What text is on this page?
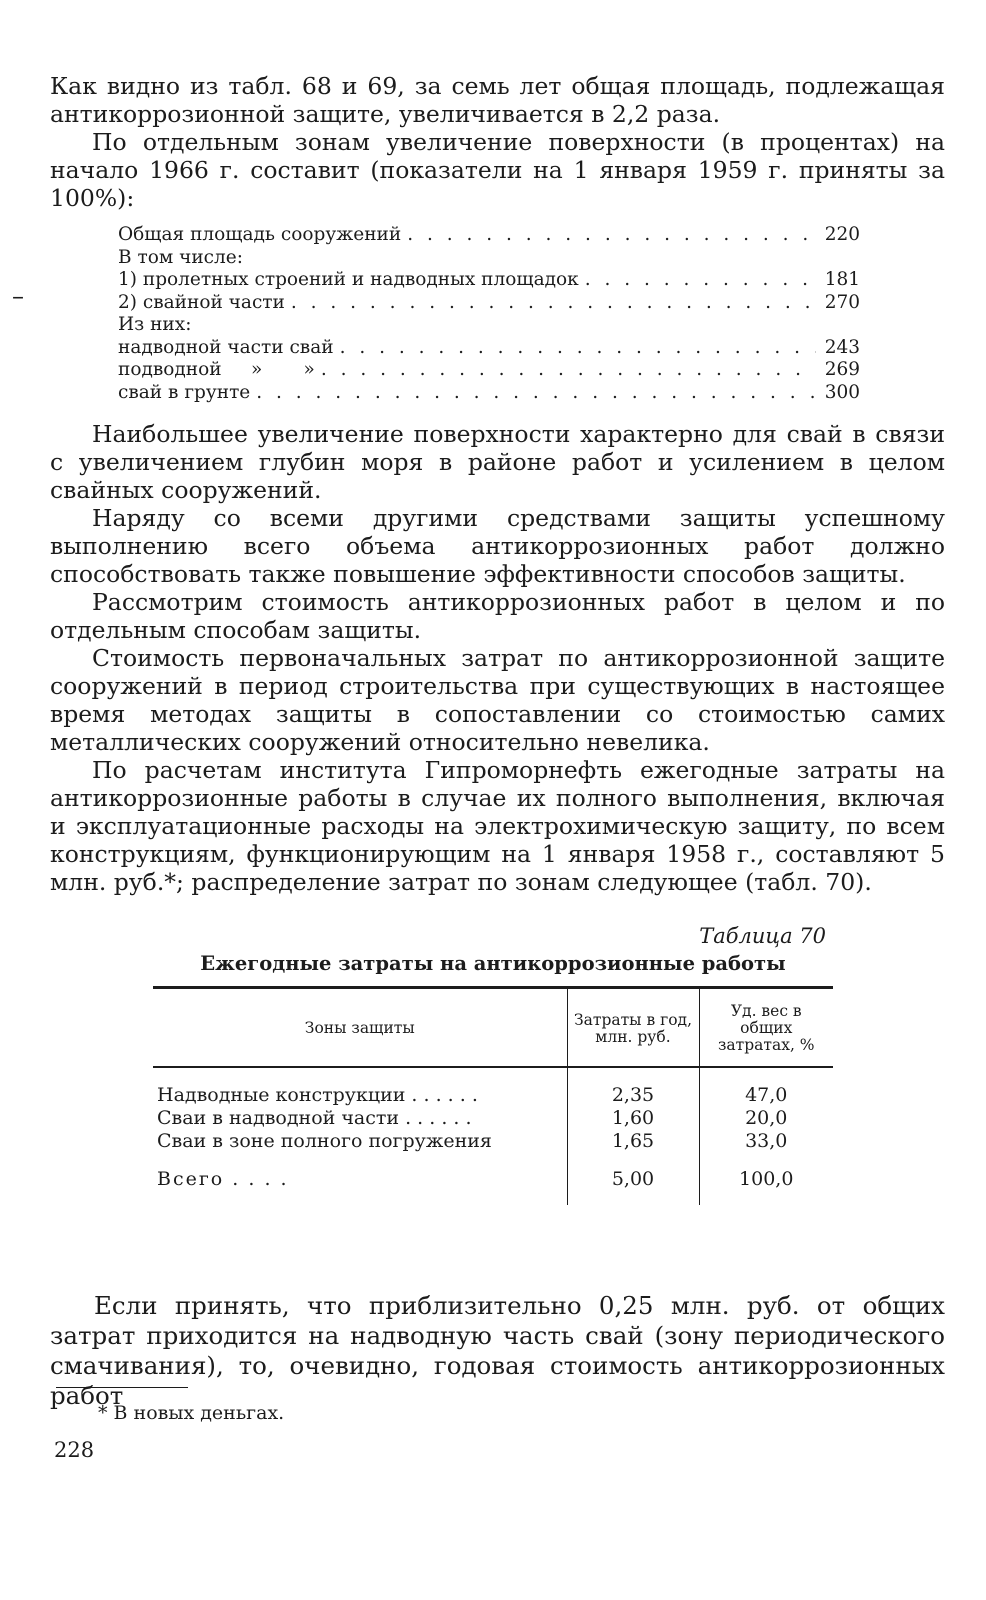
Как видно из табл. 68 и 69, за семь лет общая площадь, подлежащая антикоррозионной защите, увеличивается в 2,2 раза.

По отдельным зонам увеличение поверхности (в процентах) на начало 1966 г. составит (показатели на 1 января 1959 г. приняты за 100%):

–
Общая площадь сооружений . . .	220
В том числе:
1) пролетных строений и надводных площадок . . .	181
2) свайной части . . .	270
Из них:
надводной части свай . . .	243
подводной     »       » . . .	269
свай в грунте . . .	300

Наибольшее увеличение поверхности характерно для свай в связи с увеличением глубин моря в районе работ и усилением в целом свайных сооружений.

Наряду со всеми другими средствами защиты успешному выполнению всего объема антикоррозионных работ должно способствовать также повышение эффективности способов защиты.

Рассмотрим стоимость антикоррозионных работ в целом и по отдельным способам защиты.

Стоимость первоначальных затрат по антикоррозионной защите сооружений в период строительства при существующих в настоящее время методах защиты в сопоставлении со стоимостью самих металлических сооружений относительно невелика.

По расчетам института Гипроморнефть ежегодные затраты на антикоррозионные работы в случае их полного выполнения, включая и эксплуатационные расходы на электрохимическую защиту, по всем конструкциям, функционирующим на 1 января 1958 г., составляют 5 млн. руб.*; распределение затрат по зонам следующее (табл. 70).

Таблица 70
Ежегодные затраты на антикоррозионные работы
Зоны защиты	Затраты в год, млн. руб.	Уд. вес в общих затратах, %

Надводные конструкции . . . . . .	2,35	47,0
Сваи в надводной части . . . . . .	1,60	20,0
Сваи в зоне полного погружения	1,65	33,0
Всего . . . .	5,00	100,0

Если принять, что приблизительно 0,25 млн. руб. от общих затрат приходится на надводную часть свай (зону периодического смачивания), то, очевидно, годовая стоимость антикоррозионных работ

* В новых деньгах.
228
